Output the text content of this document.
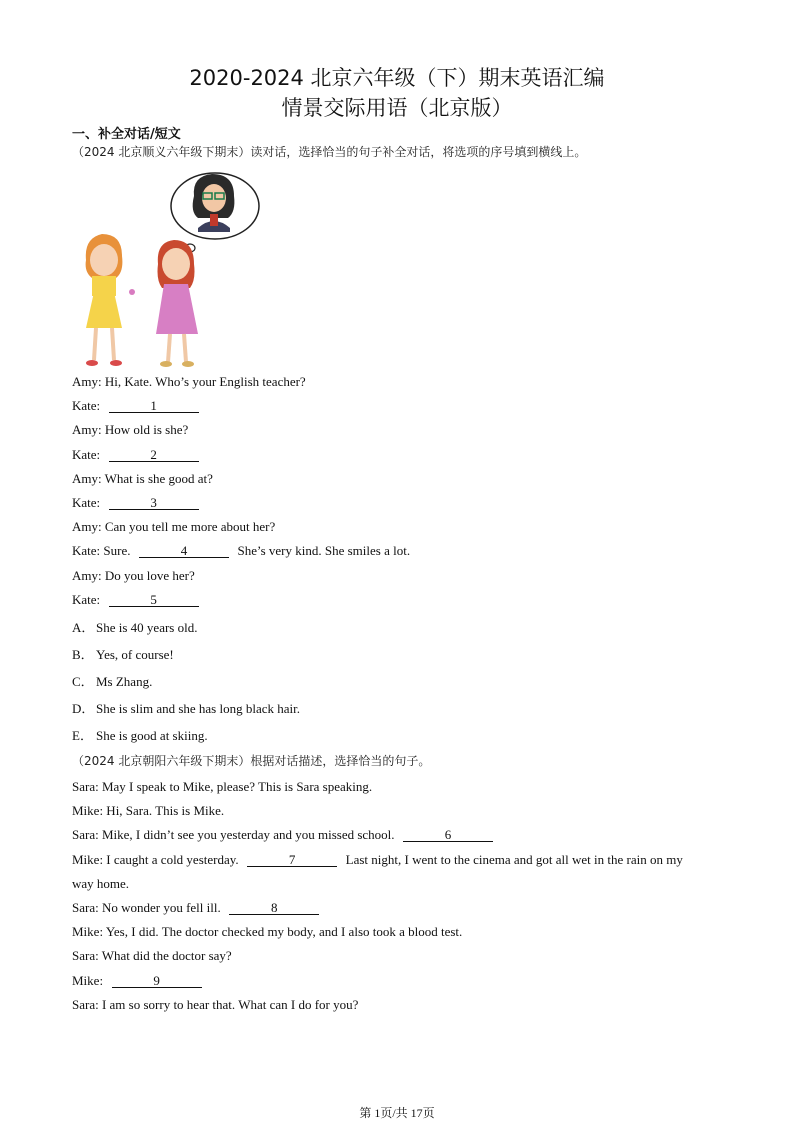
2020-2024 北京六年级（下）期末英语汇编
情景交际用语（北京版）
一、补全对话/短文
（2024 北京顺义六年级下期末）读对话，选择恰当的句子补全对话，将选项的序号填到横线上。
Amy: Hi, Kate. Who’s your English teacher?
Kate:	1
Amy: How old is she?
Kate:	2
Amy: What is she good at?
Kate:	3
Amy: Can you tell me more about her?
Kate: Sure.	4	She’s very kind. She smiles a lot.
Amy: Do you love her?
Kate:	5
A． She is 40 years old.
B． Yes, of course!
C． Ms Zhang.
D． She is slim and she has long black hair.
E． She is good at skiing.
（2024 北京朝阳六年级下期末）根据对话描述，选择恰当的句子。
Sara: May I speak to Mike, please? This is Sara speaking.
Mike: Hi, Sara. This is Mike.
Sara: Mike, I didn’t see you yesterday and you missed school.	6
Mike: I caught a cold yesterday.	7	Last night, I went to the cinema and got all wet in the rain on my
way home.
Sara: No wonder you fell ill.	8
Mike: Yes, I did. The doctor checked my body, and I also took a blood test.
Sara: What did the doctor say?
Mike:	9
Sara: I am so sorry to hear that. What can I do for you?
第 1页/共 17页
